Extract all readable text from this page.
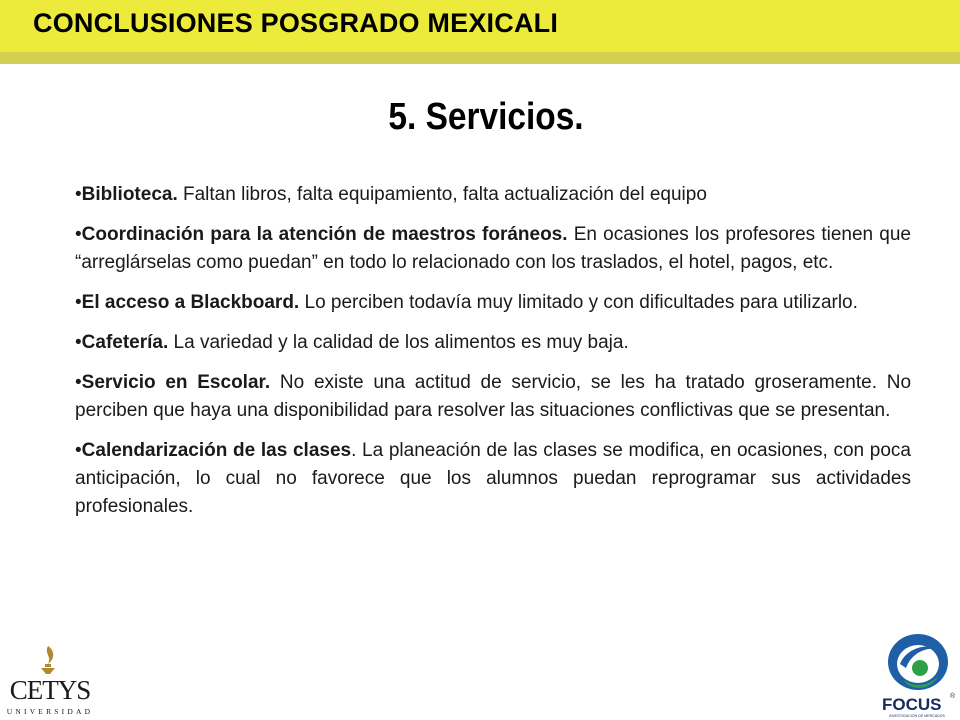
CONCLUSIONES POSGRADO MEXICALI
5. Servicios.

•Biblioteca. Faltan libros, falta equipamiento, falta actualización del equipo

•Coordinación para la atención de maestros foráneos. En ocasiones los profesores tienen que “arreglárselas como puedan” en todo lo relacionado con los traslados, el hotel, pagos, etc.

•El acceso a Blackboard. Lo perciben todavía muy limitado y con dificultades para utilizarlo.

•Cafetería. La variedad y la calidad de los alimentos es muy baja.

•Servicio en Escolar. No existe una actitud de servicio, se les ha tratado groseramente. No perciben que haya una disponibilidad para resolver las situaciones conflictivas que se presentan.

•Calendarización de las clases. La planeación de las clases se modifica, en ocasiones, con poca anticipación, lo cual no favorece que los alumnos puedan reprogramar sus actividades profesionales.

CETYS
UNIVERSIDAD	FOCUS ®
INVESTIGACIÓN DE MERCADOS
